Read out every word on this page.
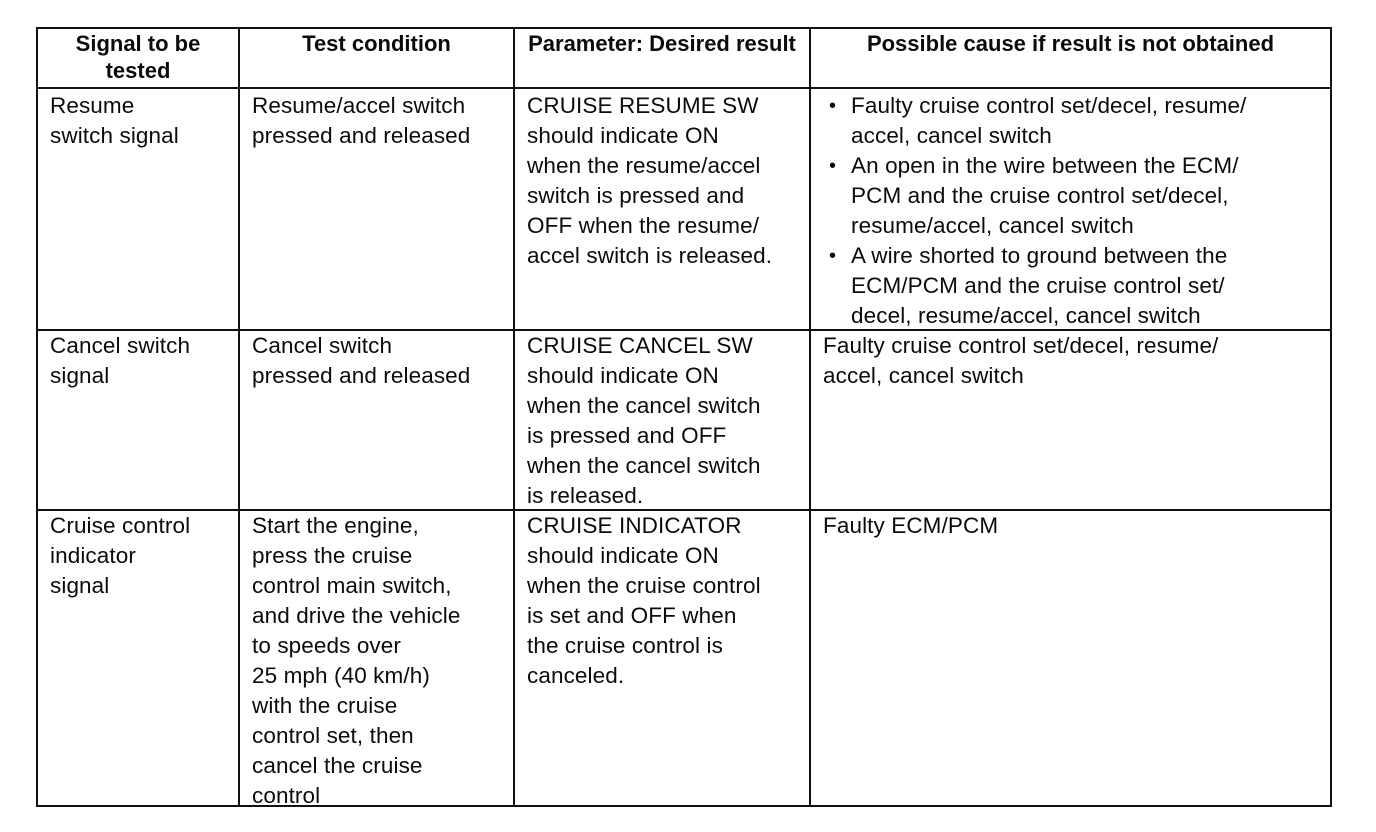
Signal to be tested
Test condition	Parameter: Desired result	Possible cause if result is not obtained
Resume
switch signal
Resume/accel switch
pressed and released
CRUISE RESUME SW
should indicate ON
when the resume/accel
switch is pressed and
OFF when the resume/
accel switch is released.
• Faulty cruise control set/decel, resume/
accel, cancel switch
• An open in the wire between the ECM/
PCM and the cruise control set/decel,
resume/accel, cancel switch
• A wire shorted to ground between the
ECM/PCM and the cruise control set/
decel, resume/accel, cancel switch
Cancel switch
signal
Cancel switch
pressed and released
CRUISE CANCEL SW
should indicate ON
when the cancel switch
is pressed and OFF
when the cancel switch
is released.
Faulty cruise control set/decel, resume/
accel, cancel switch
Cruise control
indicator
signal
Start the engine,
press the cruise
control main switch,
and drive the vehicle
to speeds over
25 mph (40 km/h)
with the cruise
control set, then
cancel the cruise
control
CRUISE INDICATOR
should indicate ON
when the cruise control
is set and OFF when
the cruise control is
canceled.
Faulty ECM/PCM
